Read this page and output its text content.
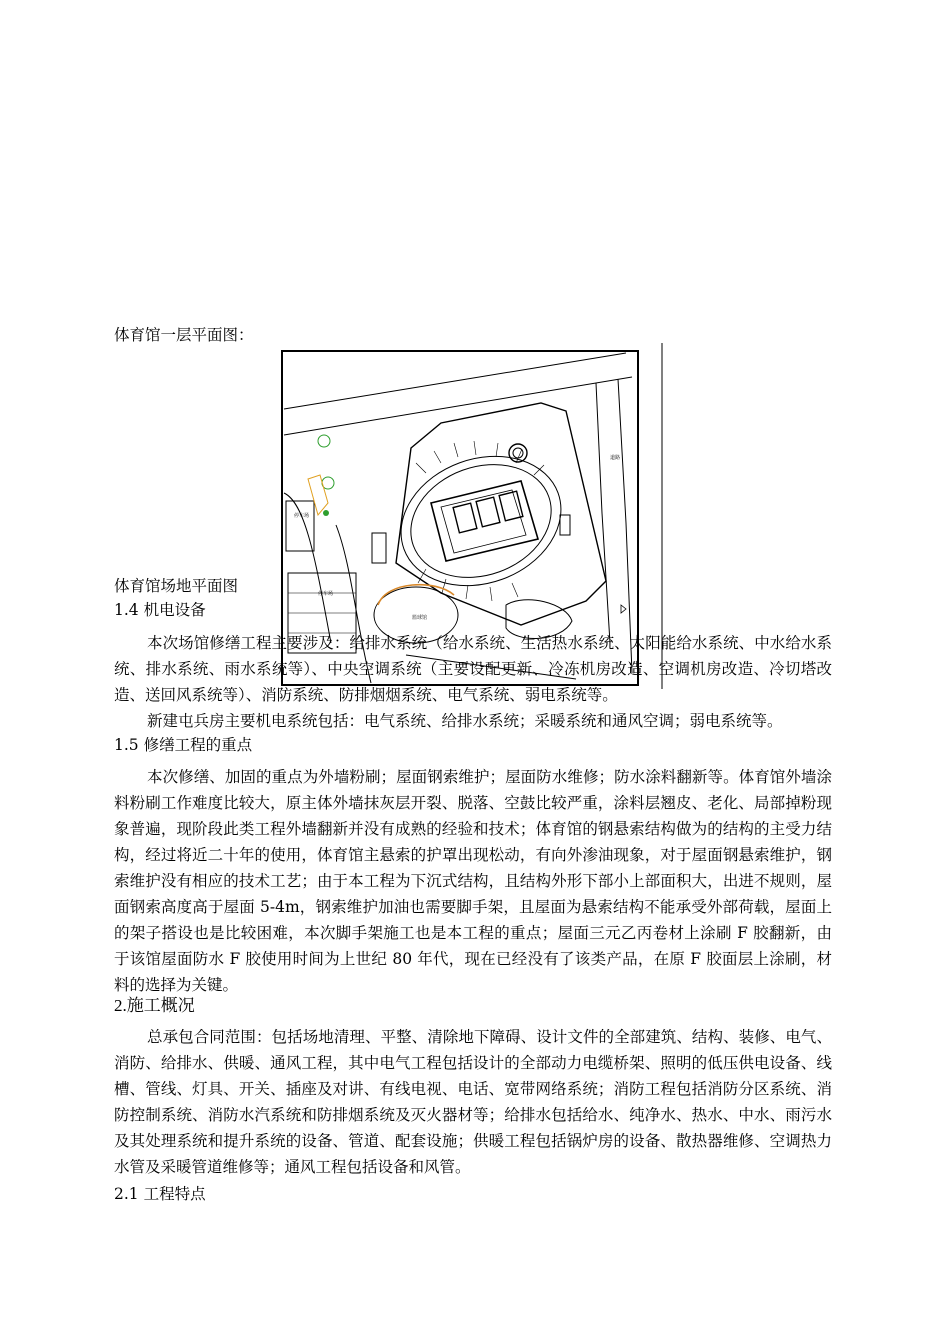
体育馆一层平面图：
停车场
停车场
篮球馆
道路
体育馆场地平面图
1.4 机电设备

本次场馆修缮工程主要涉及：给排水系统（给水系统、生活热水系统、太阳能给水系统、中水给水系统、排水系统、雨水系统等）、中央空调系统（主要设配更新、冷冻机房改造、空调机房改造、冷切塔改造、送回风系统等）、消防系统、防排烟烟系统、电气系统、弱电系统等。

新建屯兵房主要机电系统包括：电气系统、给排水系统；采暖系统和通风空调；弱电系统等。

1.5 修缮工程的重点

本次修缮、加固的重点为外墙粉刷；屋面钢索维护；屋面防水维修；防水涂料翻新等。体育馆外墙涂料粉刷工作难度比较大，原主体外墙抹灰层开裂、脱落、空鼓比较严重，涂料层翘皮、老化、局部掉粉现象普遍，现阶段此类工程外墙翻新并没有成熟的经验和技术；体育馆的钢悬索结构做为的结构的主受力结构，经过将近二十年的使用，体育馆主悬索的护罩出现松动，有向外渗油现象，对于屋面钢悬索维护，钢索维护没有相应的技术工艺；由于本工程为下沉式结构，且结构外形下部小上部面积大，出进不规则，屋面钢索高度高于屋面 5-4m，钢索维护加油也需要脚手架，且屋面为悬索结构不能承受外部荷载，屋面上的架子搭设也是比较困难，本次脚手架施工也是本工程的重点；屋面三元乙丙卷材上涂刷 F 胶翻新，由于该馆屋面防水 F 胶使用时间为上世纪 80 年代，现在已经没有了该类产品，在原 F 胶面层上涂刷，材料的选择为关键。

2.施工概况

总承包合同范围：包括场地清理、平整、清除地下障碍、设计文件的全部建筑、结构、装修、电气、消防、给排水、供暖、通风工程，其中电气工程包括设计的全部动力电缆桥架、照明的低压供电设备、线槽、管线、灯具、开关、插座及对讲、有线电视、电话、宽带网络系统；消防工程包括消防分区系统、消防控制系统、消防水汽系统和防排烟系统及灭火器材等；给排水包括给水、纯净水、热水、中水、雨污水及其处理系统和提升系统的设备、管道、配套设施；供暖工程包括锅炉房的设备、散热器维修、空调热力水管及采暖管道维修等；通风工程包括设备和风管。

2.1 工程特点
